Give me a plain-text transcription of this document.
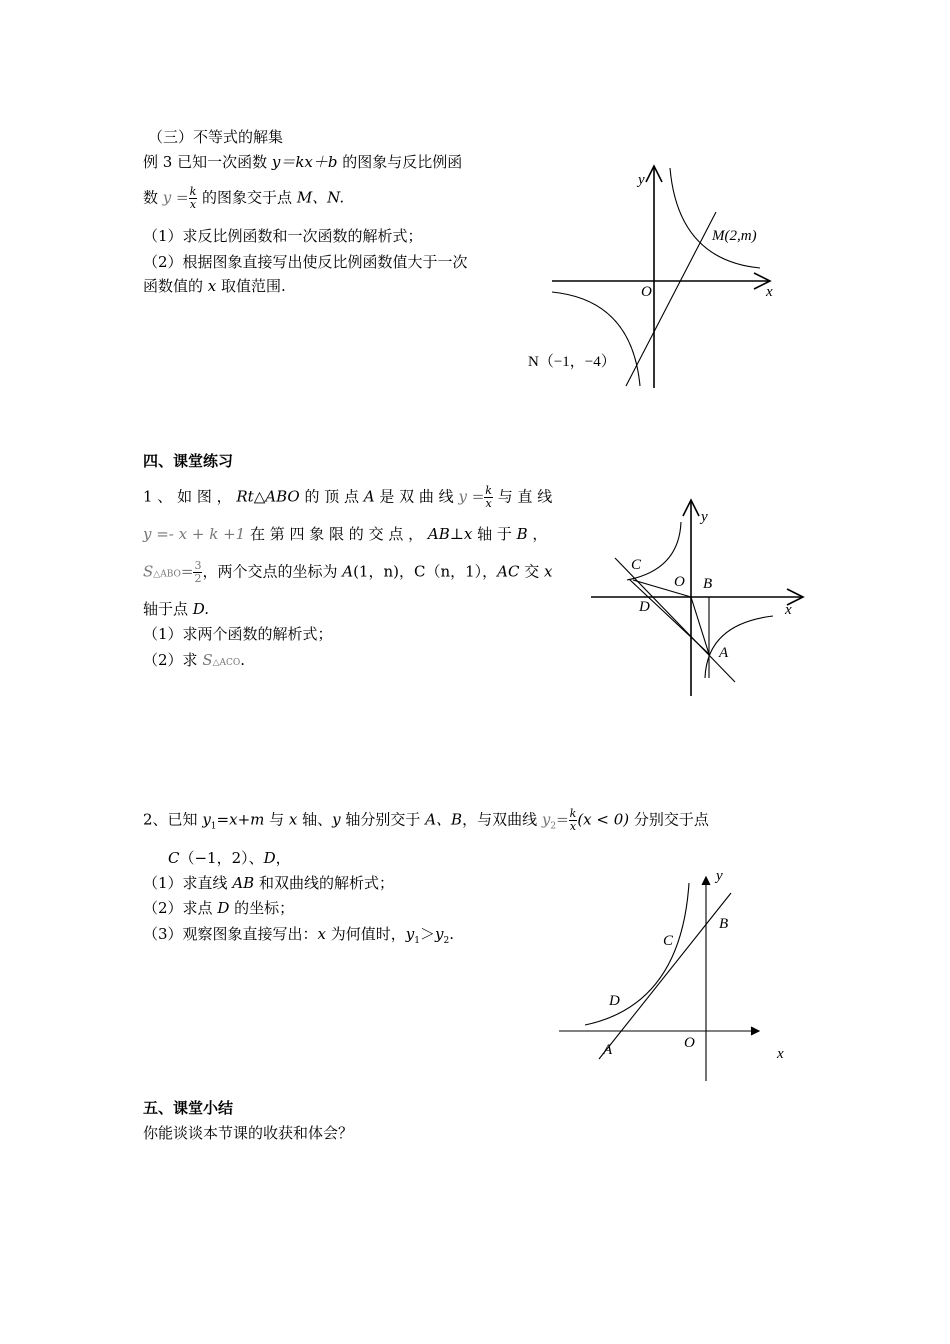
（三）不等式的解集
例 3 已知一次函数 y＝kx＋b 的图象与反比例函
数 $y = \frac{k}{x}$ 的图象交于点 M、N.
（1）求反比例函数和一次函数的解析式；
（2）根据图象直接写出使反比例函数值大于一次
函数值的 x 取值范围.
y
x
O
M(2,m)
N（−1，−4）
四、课堂练习
1 、 如 图 ， Rt△ABO 的 顶 点 A 是 双 曲 线 $y = \frac{k}{x}$ 与 直 线
y =- x + k +1 在 第 四 象 限 的 交 点 ， AB⊥x 轴 于 B ，
S△ABO= $\frac{3}{2}$ ，两个交点的坐标为 A(1，n)，C（n，1），AC 交 x
轴于点 D.
（1）求两个函数的解析式；
（2）求 S△ACO.
y
x
O B
C
D
A
2、已知 $y_1=x+m$ 与 x 轴、y 轴分别交于 A、B，与双曲线 $y_2= \frac{k}{x} (x < 0)$ 分别交于点
C（−1，2）、D，
（1）求直线 AB 和双曲线的解析式；
（2）求点 D 的坐标；
（3）观察图象直接写出：x 为何值时，$y_1>y_2$.
y
x
O
A
B
C
D
五、课堂小结
你能谈谈本节课的收获和体会？
